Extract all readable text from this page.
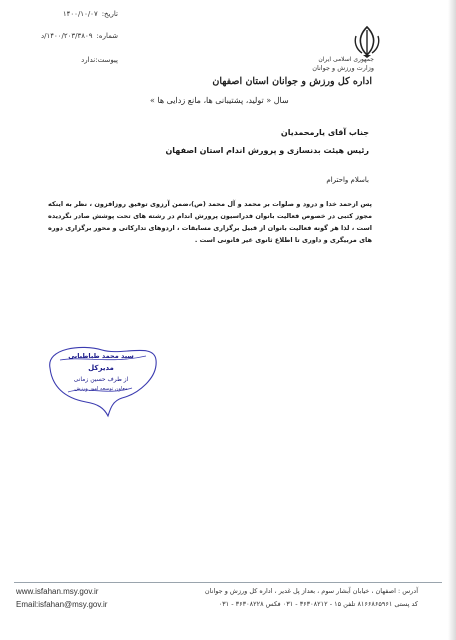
جمهوری اسلامی ایران
وزارت ورزش و جوانان
اداره کل ورزش و جوانان استان اصفهان
تاریخ:۱۴۰۰/۱۰/۰۷
شماره:۱۴۰۰/۲۰۳/۳۸۰۹/د
پیوست:ندارد
سال « تولید، پشتیبانی ها، مانع زدایی ها »
جناب آقای یارمحمدیان
رئیس هیئت بدنسازی و پرورش اندام استان اصفهان
باسلام واحترام

پس ازحمد خدا و درود و صلوات بر محمد و آل محمد (ص)،ضمن آرزوی توفیق روزافزون ، نظر به اینکه مجوز کتبی در خصوص فعالیت بانوان فدراسیون پرورش اندام در رشته های تحت پوشش صادر نگردیده است ، لذا هر گونه فعالیت بانوان از قبیل برگزاری مسابقات ، اردوهای تدارکاتی و محور برگزاری دوره های مربیگری و داوری تا اطلاع ثانوی غیر قانونی است .

سید محمد طباطبایی
مدیرکل
از طرف حسین زمانی
معاون توسعه امور ورزش
www.isfahan.msy.gov.ir
Email:isfahan@msy.gov.ir
آدرس : اصفهان ، خیابان آبشار سوم ، بعداز پل غدیر ، اداره کل ورزش و جوانان
کد پستی ۸۱۶۶۸۶۵۹۶۱ تلفن ۱۵ - ۳۶۳۰۸۲۱۲ - ۰۳۱ فکس ۳۶۳۰۸۲۲۸ - ۰۳۱
